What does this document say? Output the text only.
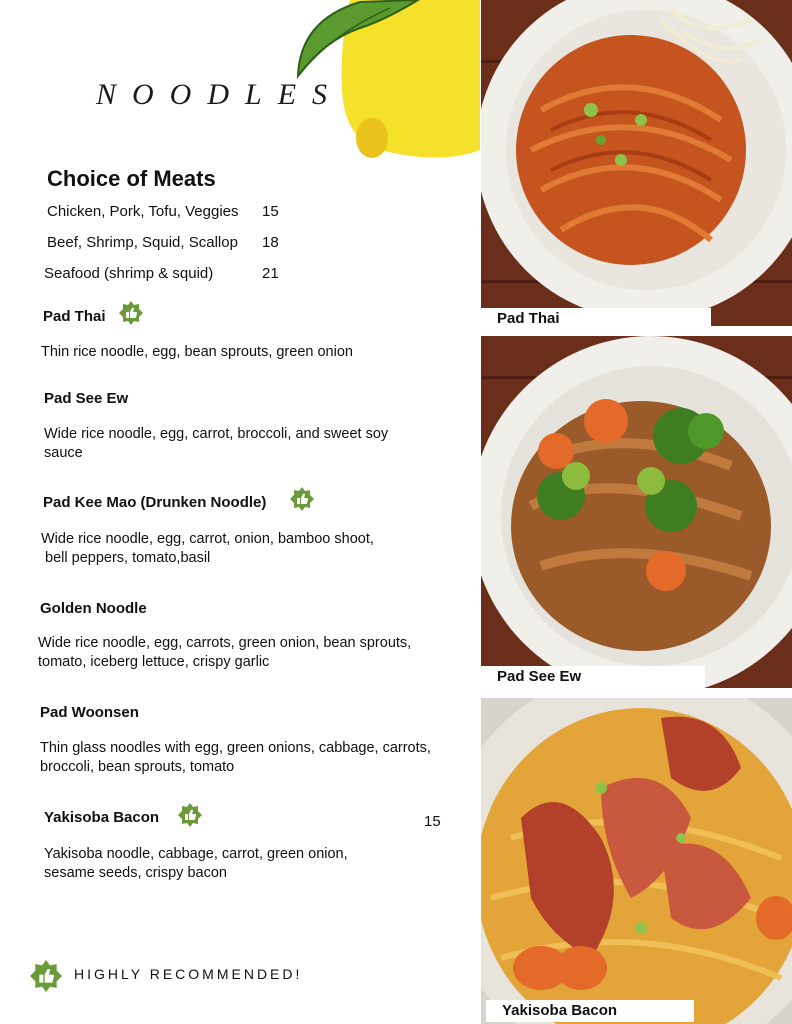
NOODLES
Choice of Meats
Chicken, Pork, Tofu, Veggies 15
Beef, Shrimp, Squid, Scallop 18
Seafood (shrimp & squid)	21
Pad Thai
Thin rice noodle, egg, bean sprouts, green onion
Pad See Ew
Wide rice noodle, egg, carrot, broccoli, and sweet soy
sauce
Pad Kee Mao (Drunken Noodle)
Wide rice noodle, egg, carrot, onion, bamboo shoot,
bell peppers, tomato,basil
Golden Noodle
Wide rice noodle, egg, carrots, green onion, bean sprouts,
tomato, iceberg lettuce, crispy garlic
Pad Woonsen
Thin glass noodles with egg, green onions, cabbage, carrots,
broccoli, bean sprouts, tomato
Yakisoba Bacon	15
Yakisoba noodle, cabbage, carrot, green onion,
sesame seeds, crispy bacon
HIGHLY RECOMMENDED!
Pad Thai
Pad See Ew
Yakisoba Bacon
